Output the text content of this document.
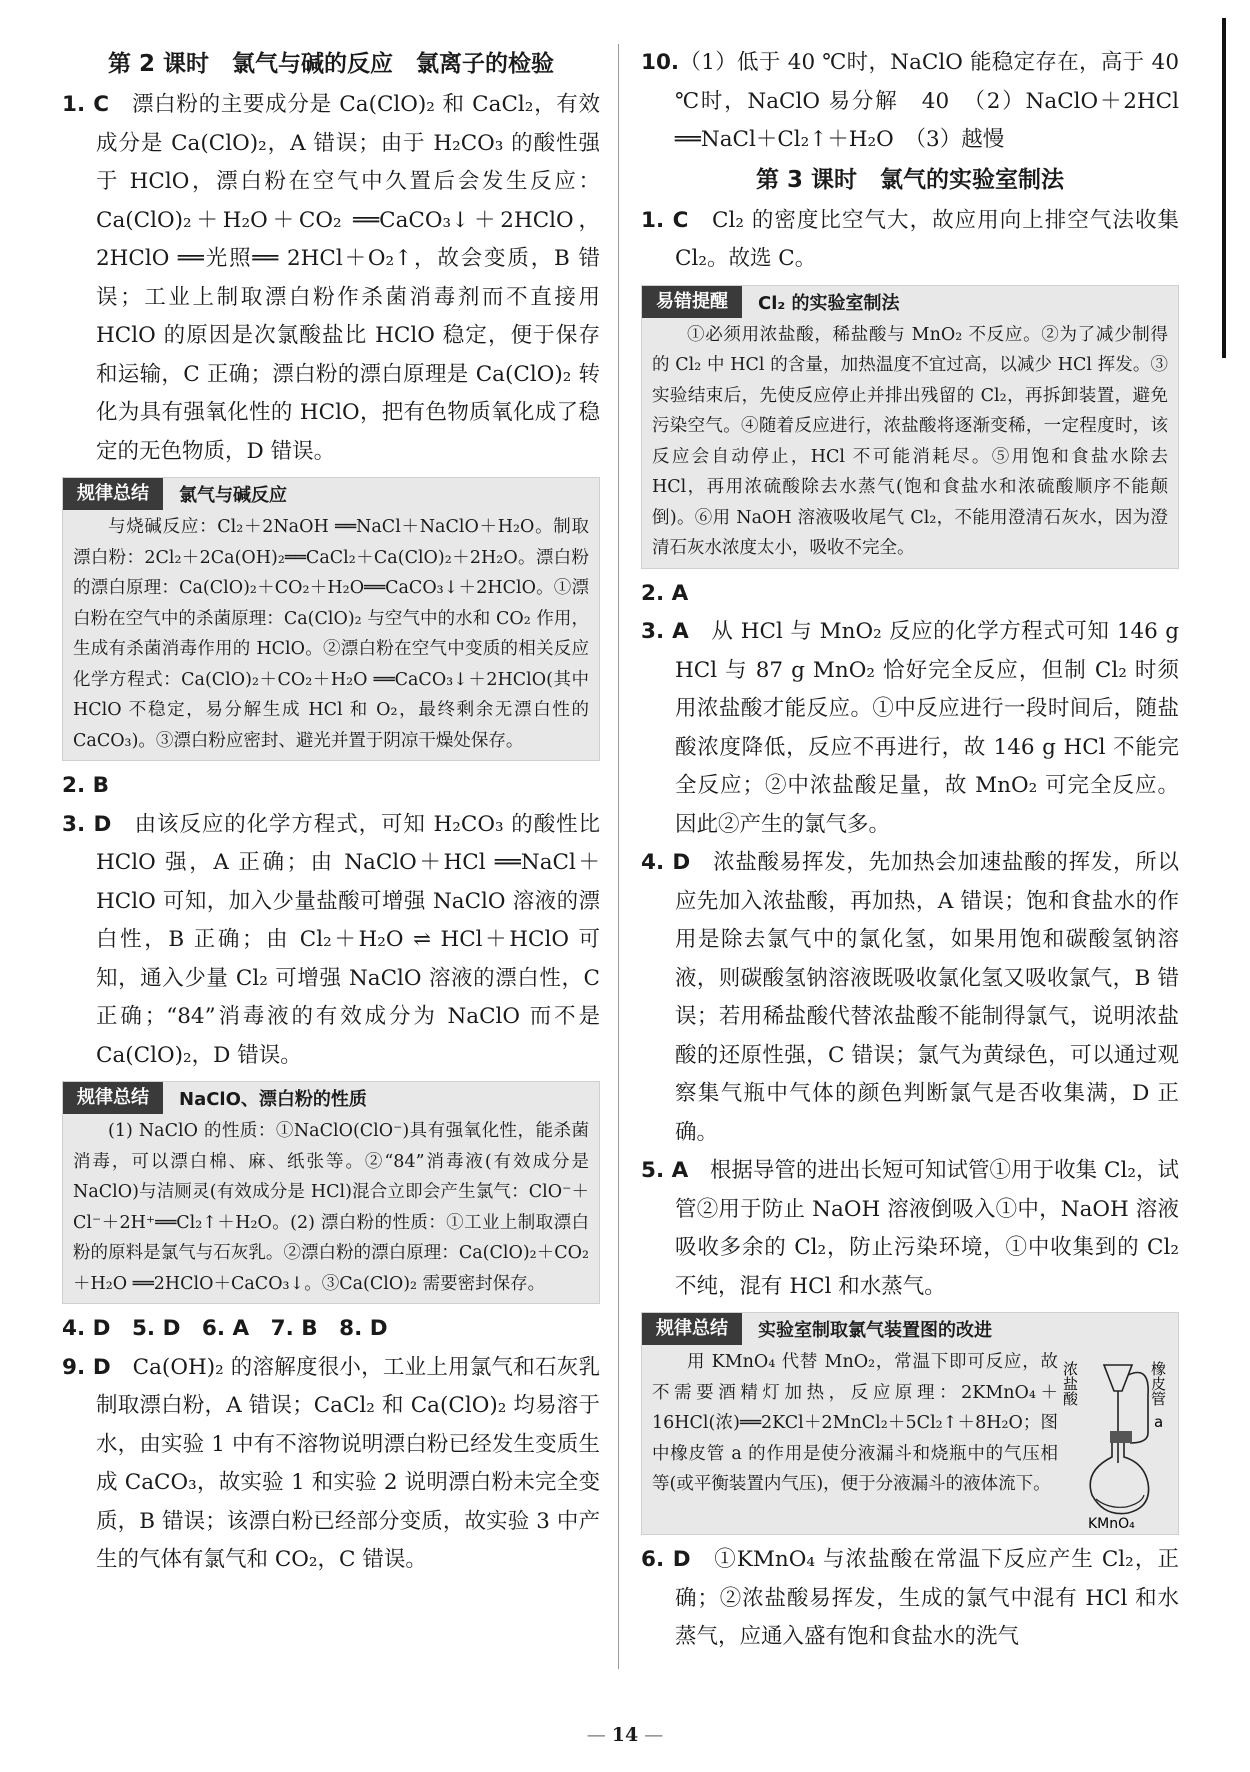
第 2 课时　氯气与碱的反应　氯离子的检验

1. C　漂白粉的主要成分是 Ca(ClO)₂ 和 CaCl₂，有效成分是 Ca(ClO)₂，A 错误；由于 H₂CO₃ 的酸性强于 HClO，漂白粉在空气中久置后会发生反应：Ca(ClO)₂＋H₂O＋CO₂ ══CaCO₃↓＋2HClO，2HClO ══光照══ 2HCl＋O₂↑，故会变质，B 错误；工业上制取漂白粉作杀菌消毒剂而不直接用 HClO 的原因是次氯酸盐比 HClO 稳定，便于保存和运输，C 正确；漂白粉的漂白原理是 Ca(ClO)₂ 转化为具有强氧化性的 HClO，把有色物质氧化成了稳定的无色物质，D 错误。

规律总结	氯气与碱反应
与烧碱反应：Cl₂＋2NaOH ══NaCl＋NaClO＋H₂O。制取漂白粉：2Cl₂＋2Ca(OH)₂══CaCl₂＋Ca(ClO)₂＋2H₂O。漂白粉的漂白原理：Ca(ClO)₂＋CO₂＋H₂O══CaCO₃↓＋2HClO。①漂白粉在空气中的杀菌原理：Ca(ClO)₂ 与空气中的水和 CO₂ 作用，生成有杀菌消毒作用的 HClO。②漂白粉在空气中变质的相关反应化学方程式：Ca(ClO)₂＋CO₂＋H₂O ══CaCO₃↓＋2HClO(其中 HClO 不稳定，易分解生成 HCl 和 O₂，最终剩余无漂白性的 CaCO₃)。③漂白粉应密封、避光并置于阴凉干燥处保存。

2. B

3. D　由该反应的化学方程式，可知 H₂CO₃ 的酸性比 HClO 强，A 正确；由 NaClO＋HCl ══NaCl＋HClO 可知，加入少量盐酸可增强 NaClO 溶液的漂白性，B 正确；由 Cl₂＋H₂O ⇌ HCl＋HClO 可知，通入少量 Cl₂ 可增强 NaClO 溶液的漂白性，C 正确；“84”消毒液的有效成分为 NaClO 而不是 Ca(ClO)₂，D 错误。

规律总结	NaClO、漂白粉的性质
(1) NaClO 的性质：①NaClO(ClO⁻)具有强氧化性，能杀菌消毒，可以漂白棉、麻、纸张等。②“84”消毒液(有效成分是 NaClO)与洁厕灵(有效成分是 HCl)混合立即会产生氯气：ClO⁻＋Cl⁻＋2H⁺══Cl₂↑＋H₂O。(2) 漂白粉的性质：①工业上制取漂白粉的原料是氯气与石灰乳。②漂白粉的漂白原理：Ca(ClO)₂＋CO₂＋H₂O ══2HClO＋CaCO₃↓。③Ca(ClO)₂ 需要密封保存。

4. D　5. D　6. A　7. B　8. D

9. D　Ca(OH)₂ 的溶解度很小，工业上用氯气和石灰乳制取漂白粉，A 错误；CaCl₂ 和 Ca(ClO)₂ 均易溶于水，由实验 1 中有不溶物说明漂白粉已经发生变质生成 CaCO₃，故实验 1 和实验 2 说明漂白粉未完全变质，B 错误；该漂白粉已经部分变质，故实验 3 中产生的气体有氯气和 CO₂，C 错误。

10.（1）低于 40 ℃时，NaClO 能稳定存在，高于 40 ℃时，NaClO 易分解　40　（2）NaClO＋2HCl ══NaCl＋Cl₂↑＋H₂O　（3）越慢

第 3 课时　氯气的实验室制法

1. C　Cl₂ 的密度比空气大，故应用向上排空气法收集 Cl₂。故选 C。

易错提醒	Cl₂ 的实验室制法
①必须用浓盐酸，稀盐酸与 MnO₂ 不反应。②为了减少制得的 Cl₂ 中 HCl 的含量，加热温度不宜过高，以减少 HCl 挥发。③实验结束后，先使反应停止并排出残留的 Cl₂，再拆卸装置，避免污染空气。④随着反应进行，浓盐酸将逐渐变稀，一定程度时，该反应会自动停止，HCl 不可能消耗尽。⑤用饱和食盐水除去 HCl，再用浓硫酸除去水蒸气(饱和食盐水和浓硫酸顺序不能颠倒)。⑥用 NaOH 溶液吸收尾气 Cl₂，不能用澄清石灰水，因为澄清石灰水浓度太小，吸收不完全。

2. A

3. A　从 HCl 与 MnO₂ 反应的化学方程式可知 146 g HCl 与 87 g MnO₂ 恰好完全反应，但制 Cl₂ 时须用浓盐酸才能反应。①中反应进行一段时间后，随盐酸浓度降低，反应不再进行，故 146 g HCl 不能完全反应；②中浓盐酸足量，故 MnO₂ 可完全反应。因此②产生的氯气多。

4. D　浓盐酸易挥发，先加热会加速盐酸的挥发，所以应先加入浓盐酸，再加热，A 错误；饱和食盐水的作用是除去氯气中的氯化氢，如果用饱和碳酸氢钠溶液，则碳酸氢钠溶液既吸收氯化氢又吸收氯气，B 错误；若用稀盐酸代替浓盐酸不能制得氯气，说明浓盐酸的还原性强，C 错误；氯气为黄绿色，可以通过观察集气瓶中气体的颜色判断氯气是否收集满，D 正确。

5. A　根据导管的进出长短可知试管①用于收集 Cl₂，试管②用于防止 NaOH 溶液倒吸入①中，NaOH 溶液吸收多余的 Cl₂，防止污染环境，①中收集到的 Cl₂ 不纯，混有 HCl 和水蒸气。

规律总结	实验室制取氯气装置图的改进
用 KMnO₄ 代替 MnO₂，常温下即可反应，故不需要酒精灯加热，反应原理：2KMnO₄＋16HCl(浓)══2KCl＋2MnCl₂＋5Cl₂↑＋8H₂O；图中橡皮管 a 的作用是使分液漏斗和烧瓶中的气压相等(或平衡装置内气压)，便于分液漏斗的液体流下。
浓盐酸	橡皮管
a
KMnO₄

6. D　①KMnO₄ 与浓盐酸在常温下反应产生 Cl₂，正确；②浓盐酸易挥发，生成的氯气中混有 HCl 和水蒸气，应通入盛有饱和食盐水的洗气

— 14 —
